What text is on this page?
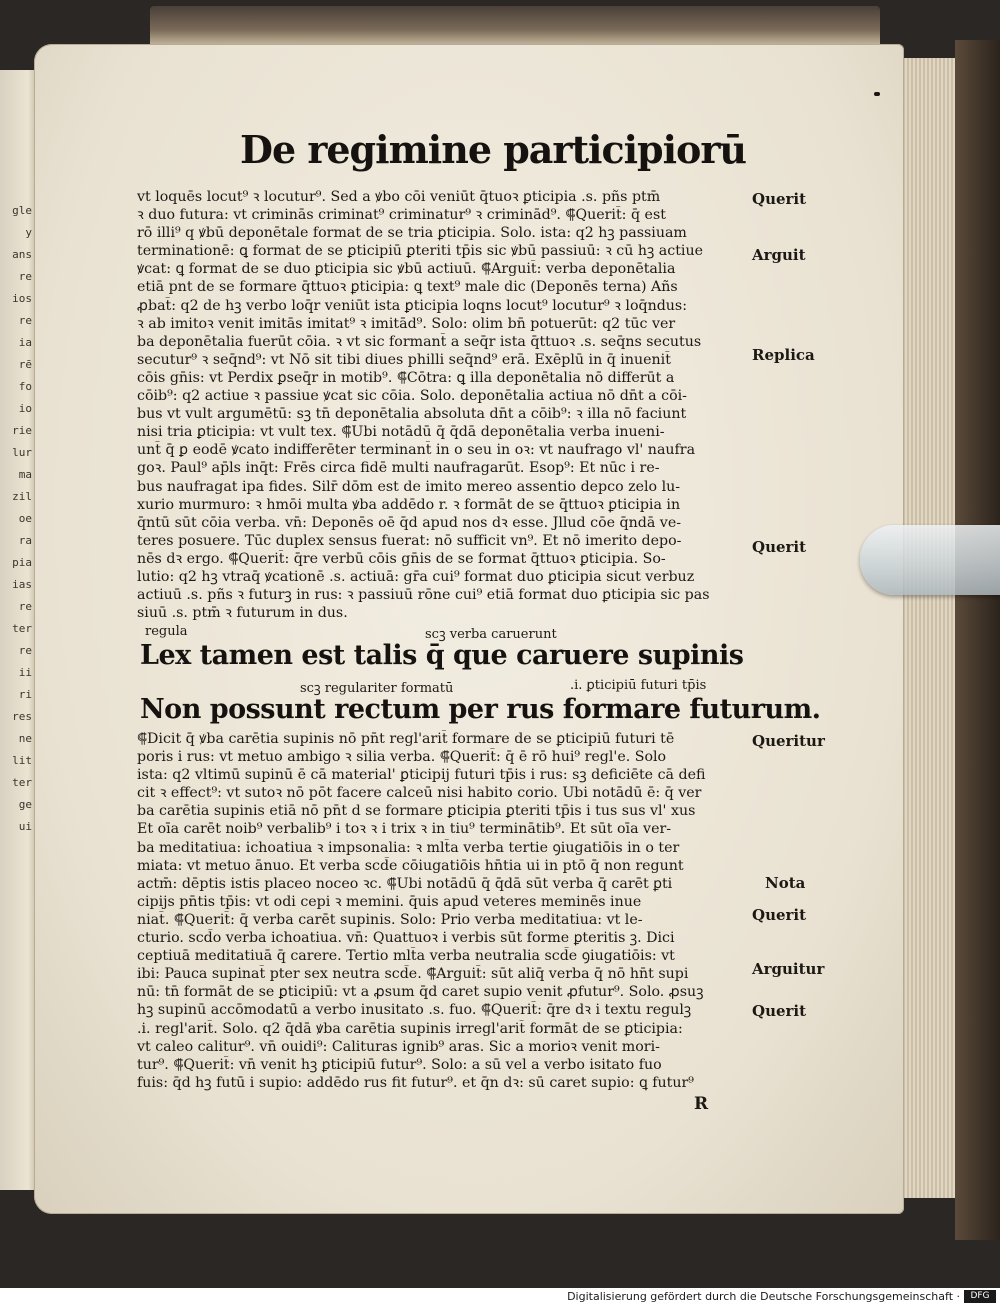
gle
y
ans
re
ios
re
ia
rē
fo
io
rie
lur
ma
zil
oe
ra
pia
ias
re
ter
re
ii
ri
res
ne
lit
ter
ge
ui
De regimine participiorū
vt loquēs locut⁹ ꝛ locutur⁹. Sed a ꝟbo cōi veniūt q̄tuoꝛ ꝑticipia .s. pñs ptm̄
ꝛ duo futura: vt criminās criminat⁹ criminatur⁹ ꝛ criminād⁹. ⸿Querit̄: q̄ est
rō illi⁹ q ꝟbū deponētale format de se tria ꝑticipia. Solo. ista: q2 hꝫ passiuam
terminationē: ꝗ format de se ꝑticipiū ꝑteriti tp̄is sic ꝟbū passiuū: ꝛ cū hꝫ actiue
ꝟcat: ꝗ format de se duo ꝑticipia sic ꝟbū actiuū. ⸿Arguit̄: verba deponētalia
etiā pnt de se formare q̄ttuoꝛ ꝑticipia: ꝗ text⁹ male dic (Deponēs terna) Añs
ꝓbat̄: q2 de hꝫ verbo loq̄r veniūt ista ꝑticipia loqns locut⁹ locutur⁹ ꝛ loq̄ndus:
ꝛ ab imitoꝛ venit imitās imitat⁹ ꝛ imitād⁹. Solo: olim bn̄ potuerūt: q2 tūc ver
ba deponētalia fuerūt cōia. ꝛ vt sic formant̄ a seq̄r ista q̄ttuoꝛ .s. seq̄ns secutus
secutur⁹ ꝛ seq̄nd⁹: vt Nō sit tibi diues philli seq̄nd⁹ erā. Exēplū in q̄ inuenit̄
cōis gn̄is: vt Perdix ꝑseq̄r in motib⁹. ⸿Cōtra: ꝗ illa deponētalia nō differūt a
cōib⁹: q2 actiue ꝛ passiue ꝟcat sic cōia. Solo. deponētalia actiua nō dn̄t a cōi-
bus vt vult argumētū: sꝫ tn̄ deponētalia absoluta dn̄t a cōib⁹: ꝛ illa nō faciunt
nisi tria ꝑticipia: vt vult tex. ⸿Ubi notādū q̄ q̄dā deponētalia verba inueni-
unt̄ q̄ ꝑ eodē ꝟcato indifferēter terminant̄ in o seu in oꝛ: vt naufrago vl' naufra
goꝛ. Paul⁹ ap̄ls inq̄t: Frēs circa fidē multi naufragarūt. Esop⁹: Et nūc i re-
bus naufragat ipa fides. Silr̄ dōm est de imito mereo assentio depco zelo lu-
xurio murmuro: ꝛ hmōi multa ꝟba addēdo r. ꝛ formāt de se q̄ttuoꝛ ꝑticipia in
q̄ntū sūt cōia verba. vn̄: Deponēs oē q̄d apud nos dꝛ esse. Jllud cōe q̄ndā ve-
teres posuere. Tūc duplex sensus fuerat: nō sufficit vn⁹. Et nō imerito depo-
nēs dꝛ ergo. ⸿Querit̄: q̄re verbū cōis gn̄is de se format q̄ttuoꝛ ꝑticipia. So-
lutio: q2 hꝫ vtraq̄ ꝟcationē .s. actiuā: gr̄a cui⁹ format duo ꝑticipia sicut verbuz
actiuū .s. pñs ꝛ futurꝫ in rus: ꝛ passiuū rōne cui⁹ etiā format duo ꝑticipia sic pas
siuū .s. ptm̄ ꝛ futurum in dus.
Querit
Arguit
Replica
Querit
regula	scꝫ verba caruerunt
Lex tamen est talis q̄ que caruere supinis
scꝫ regulariter formatū	.i. ꝑticipiū futuri tp̄is
Non possunt rectum per rus formare futurum.
⸿Dicit q̄ ꝟba carētia supinis nō pn̄t regl'arit̄ formare de se ꝑticipiū futuri tē
poris i rus: vt metuo ambigo ꝛ silia verba. ⸿Querit̄: q̄ ē rō hui⁹ regl'e. Solo
ista: q2 vltimū supinū ē cā material' ꝑticipij futuri tp̄is i rus: sꝫ deficiēte cā defi
cit ꝛ effect⁹: vt sutoꝛ nō pōt facere calceū nisi habito corio. Ubi notādū ē: q̄ ver
ba carētia supinis etiā nō pn̄t d se formare ꝑticipia ꝑteriti tp̄is i tus sus vl' xus
Et oīa carēt noib⁹ verbalib⁹ i toꝛ ꝛ i trix ꝛ in tiu⁹ terminātib⁹. Et sūt oīa ver-
ba meditatiua: ichoatiua ꝛ impsonalia: ꝛ mlt̄a verba tertie ꝯiugatiōis in o ter
miata: vt metuo ānuo. Et verba scd̄e cōiugatiōis hn̄tia ui in ptō q̄ non regunt
actm̄: dēptis istis placeo noceo ꝛc. ⸿Ubi notādū q̄ q̄dā sūt verba q̄ carēt ꝑti
cipijs pn̄tis tp̄is: vt odi cepi ꝛ memini. q̄uis apud veteres meminēs inue
niat̄. ⸿Querit̄: q̄ verba carēt supinis. Solo: Prio verba meditatiua: vt le-
cturio. scd̄o verba ichoatiua. vn̄: Quattuoꝛ i verbis sūt forme ꝑteritis ꝫ. Dici
ceptiuā meditatiuā q̄ carere. Tertio mlt̄a verba neutralia scd̄e ꝯiugatiōis: vt
ibi: Pauca supinat̄ pter sex neutra scd̄e. ⸿Arguit̄: sūt aliq̄ verba q̄ nō hn̄t supi
nū: tn̄ formāt de se ꝑticipiū: vt a ꝓsum q̄d caret supio venit ꝓfutur⁹. Solo. ꝓsuꝫ
hꝫ supinū accōmodatū a verbo inusitato .s. fuo. ⸿Querit̄: q̄re dꝛ i textu regulꝫ
.i. regl'arit̄. Solo. q2 q̄dā ꝟba carētia supinis irregl'arit̄ formāt de se ꝑticipia:
vt caleo calitur⁹. vn̄ ouidi⁹: Calituras ignib⁹ aras. Sic a morioꝛ venit mori-
tur⁹. ⸿Querit̄: vn̄ venit hꝫ ꝑticipiū futur⁹. Solo: a sū vel a verbo isitato fuo
fuis: q̄d hꝫ futū i supio: addēdo rus fit futur⁹. et q̄n dꝛ: sū caret supio: ꝗ futur⁹
Queritur
Nota
Querit
Arguitur
Querit
R
Digitalisierung gefördert durch die Deutsche Forschungsgemeinschaft ·	DFG
